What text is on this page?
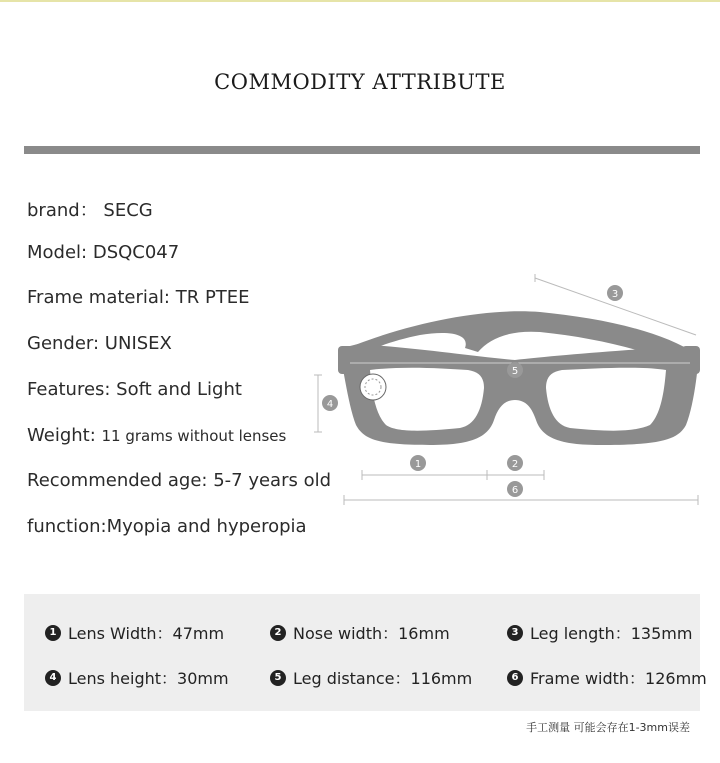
COMMODITY ATTRIBUTE
brand： SECG
Model: DSQC047
Frame material: TR PTEE
Gender: UNISEX
Features: Soft and Light
Weight: 11 grams without lenses
Recommended age: 5-7 years old
function:Myopia and hyperopia
3
5
4
1	2
6
1 Lens Width：47mm	2 Nose width：16mm	3 Leg length：135mm
4 Lens height：30mm	5 Leg distance：116mm	6 Frame width：126mm
手工测量 可能会存在1-3mm误差
